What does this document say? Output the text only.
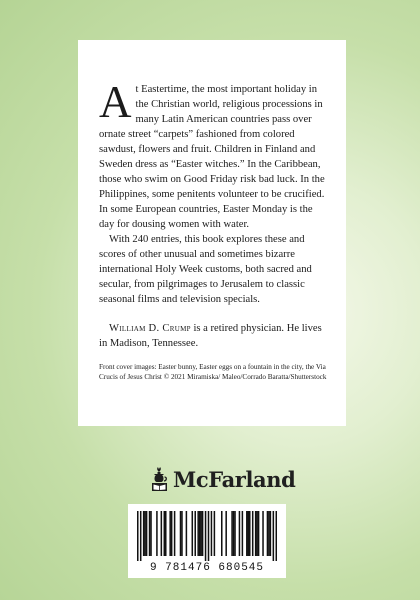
At Eastertime, the most important holiday in the Christian world, religious processions in many Latin American countries pass over ornate street “carpets” fashioned from colored sawdust, flowers and fruit. Children in Finland and Sweden dress as “Easter witches.” In the Caribbean, those who swim on Good Friday risk bad luck. In the Philippines, some penitents volunteer to be crucified. In some European countries, Easter Monday is the day for dousing women with water.

With 240 entries, this book explores these and scores of other unusual and sometimes bizarre international Holy Week customs, both sacred and secular, from pilgrimages to Jerusalem to classic seasonal films and television specials.

William D. Crump is a retired physician. He lives in Madison, Tennessee.

Front cover images: Easter bunny, Easter eggs on a fountain in the city, the Via Crucis of Jesus Christ © 2021 Miramiska/ Maleo/Corrado Baratta/Shutterstock

McFarland
9 781476 680545
